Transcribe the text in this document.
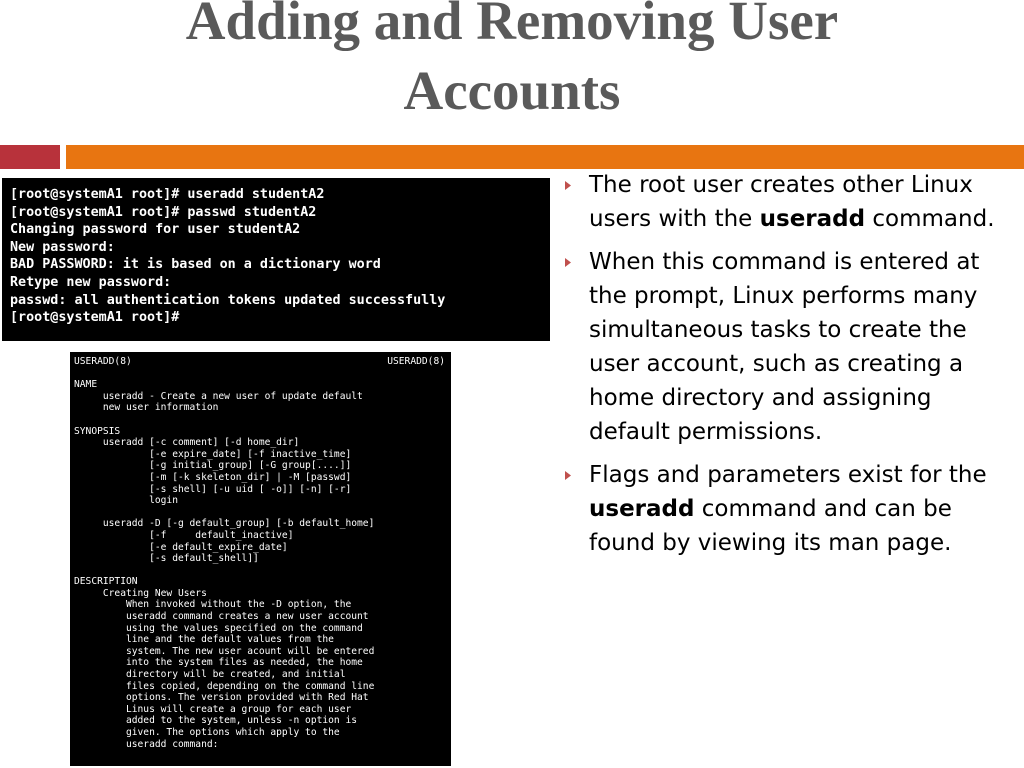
Adding and Removing User
Accounts
[root@systemA1 root]# useradd studentA2
[root@systemA1 root]# passwd studentA2
Changing password for user studentA2
New password:
BAD PASSWORD: it is based on a dictionary word
Retype new password:
passwd: all authentication tokens updated successfully
[root@systemA1 root]#
USERADD(8)	USERADD(8)
NAME
useradd - Create a new user of update default
new user information
SYNOPSIS
useradd [-c comment] [-d home_dir]
[-e expire_date] [-f inactive_time]
[-g initial_group] [-G group[....]]
[-m [-k skeleton_dir] | -M [passwd]
[-s shell] [-u uid [ -o]] [-n] [-r]
login
useradd -D [-g default_group] [-b default_home]
[-f     default_inactive]
[-e default_expire_date]
[-s default_shell]]
DESCRIPTION
Creating New Users
When invoked without the -D option, the
useradd command creates a new user account
using the values specified on the command
line and the default values from the
system. The new user acount will be entered
into the system files as needed, the home
directory will be created, and initial
files copied, depending on the command line
options. The version provided with Red Hat
Linus will create a group for each user
added to the system, unless -n option is
given. The options which apply to the
useradd command:
The root user creates other Linux users with the useradd command.
When this command is entered at the prompt, Linux performs many simultaneous tasks to create the user account, such as creating a home directory and assigning default permissions.
Flags and parameters exist for the useradd command and can be found by viewing its man page.
